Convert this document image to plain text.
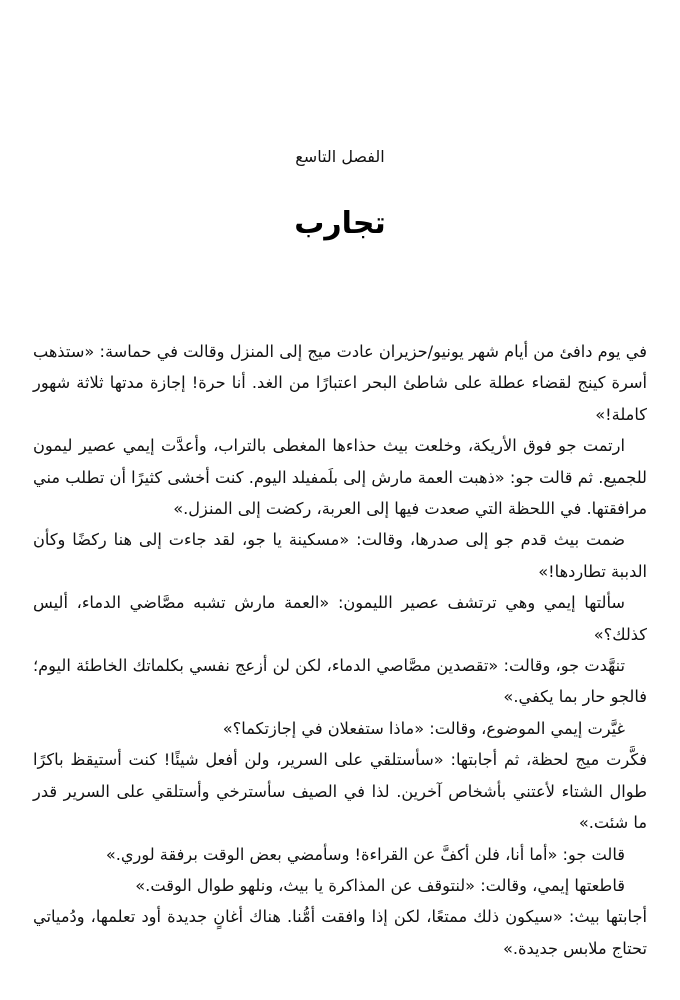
الفصل التاسع
تجارب

في يوم دافئ من أيام شهر يونيو/حزيران عادت ميج إلى المنزل وقالت في حماسة: «ستذهب أسرة كينج لقضاء عطلة على شاطئ البحر اعتبارًا من الغد. أنا حرة! إجازة مدتها ثلاثة شهور كاملة!»

ارتمت جو فوق الأريكة، وخلعت بيث حذاءها المغطى بالتراب، وأعدَّت إيمي عصير ليمون للجميع. ثم قالت جو: «ذهبت العمة مارش إلى بلَمفيلد اليوم. كنت أخشى كثيرًا أن تطلب مني مرافقتها. في اللحظة التي صعدت فيها إلى العربة، ركضت إلى المنزل.»

ضمت بيث قدم جو إلى صدرها، وقالت: «مسكينة يا جو، لقد جاءت إلى هنا ركضًا وكأن الدببة تطاردها!»

سألتها إيمي وهي ترتشف عصير الليمون: «العمة مارش تشبه مصَّاضي الدماء، أليس كذلك؟»

تنهَّدت جو، وقالت: «تقصدين مصَّاصي الدماء، لكن لن أزعج نفسي بكلماتك الخاطئة اليوم؛ فالجو حار بما يكفي.»

غيَّرت إيمي الموضوع، وقالت: «ماذا ستفعلان في إجازتكما؟»

فكَّرت ميج لحظة، ثم أجابتها: «سأستلقي على السرير، ولن أفعل شيئًا! كنت أستيقظ باكرًا طوال الشتاء لأعتني بأشخاص آخرين. لذا في الصيف سأسترخي وأستلقي على السرير قدر ما شئت.»

قالت جو: «أما أنا، فلن أكفَّ عن القراءة! وسأمضي بعض الوقت برفقة لوري.»

قاطعتها إيمي، وقالت: «لنتوقف عن المذاكرة يا بيث، ونلهو طوال الوقت.»

أجابتها بيث: «سيكون ذلك ممتعًا، لكن إذا وافقت أمُّنا. هناك أغانٍ جديدة أود تعلمها، ودُمياتي تحتاج ملابس جديدة.»
